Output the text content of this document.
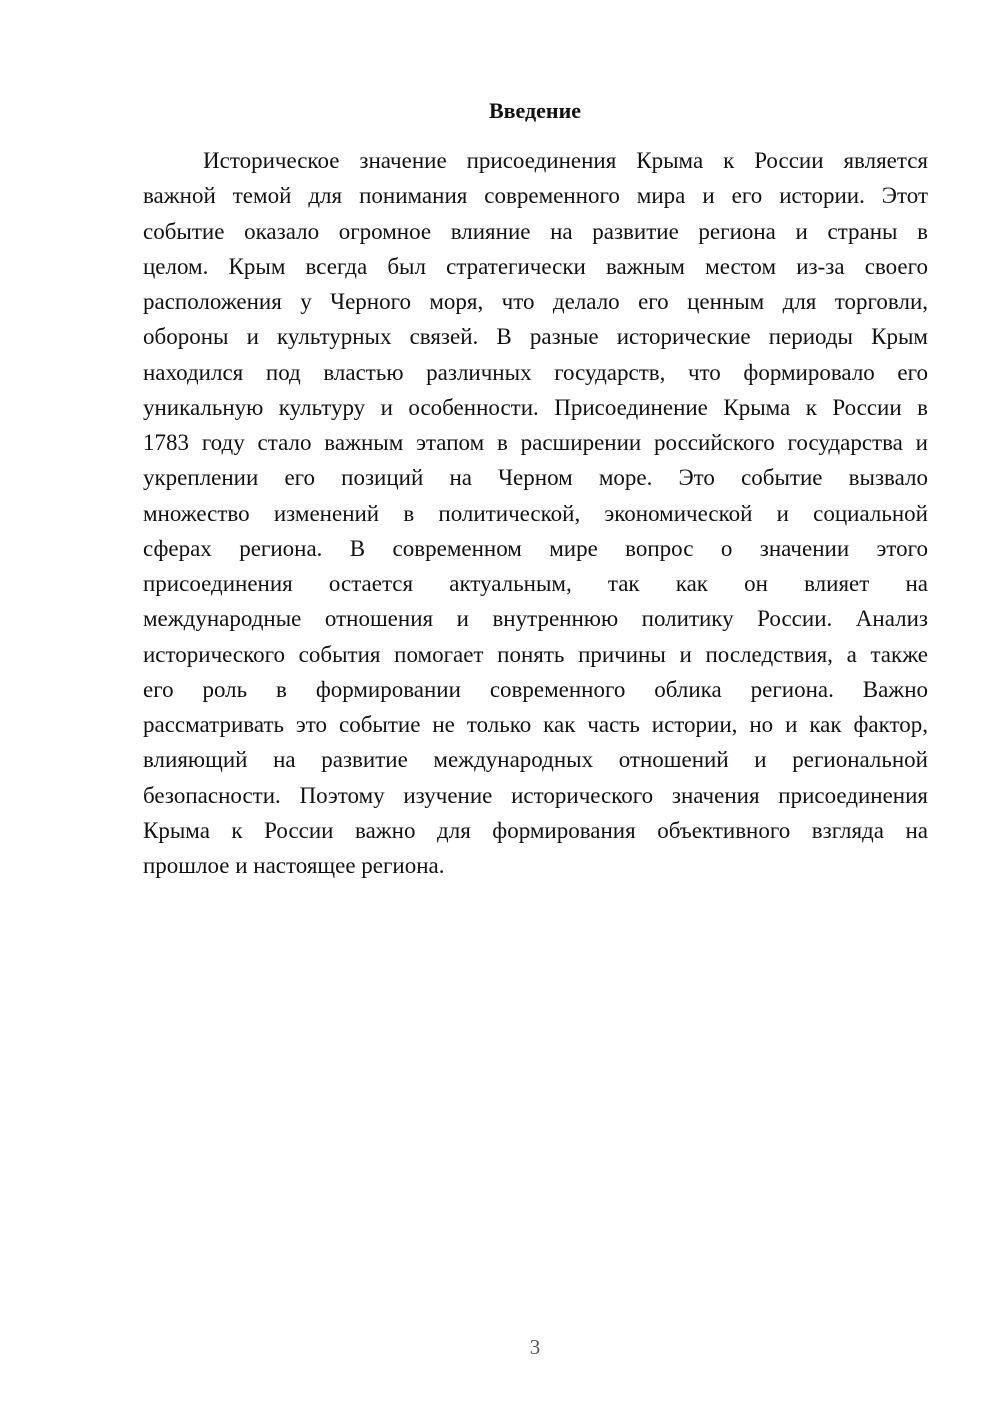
Введение
Историческое значение присоединения Крыма к России является
важной темой для понимания современного мира и его истории. Этот
событие оказало огромное влияние на развитие региона и страны в
целом. Крым всегда был стратегически важным местом из-за своего
расположения у Черного моря, что делало его ценным для торговли,
обороны и культурных связей. В разные исторические периоды Крым
находился под властью различных государств, что формировало его
уникальную культуру и особенности. Присоединение Крыма к России в
1783 году стало важным этапом в расширении российского государства и
укреплении его позиций на Черном море. Это событие вызвало
множество изменений в политической, экономической и социальной
сферах региона. В современном мире вопрос о значении этого
присоединения остается актуальным, так как он влияет на
международные отношения и внутреннюю политику России. Анализ
исторического события помогает понять причины и последствия, а также
его роль в формировании современного облика региона. Важно
рассматривать это событие не только как часть истории, но и как фактор,
влияющий на развитие международных отношений и региональной
безопасности. Поэтому изучение исторического значения присоединения
Крыма к России важно для формирования объективного взгляда на
прошлое и настоящее региона.
3
